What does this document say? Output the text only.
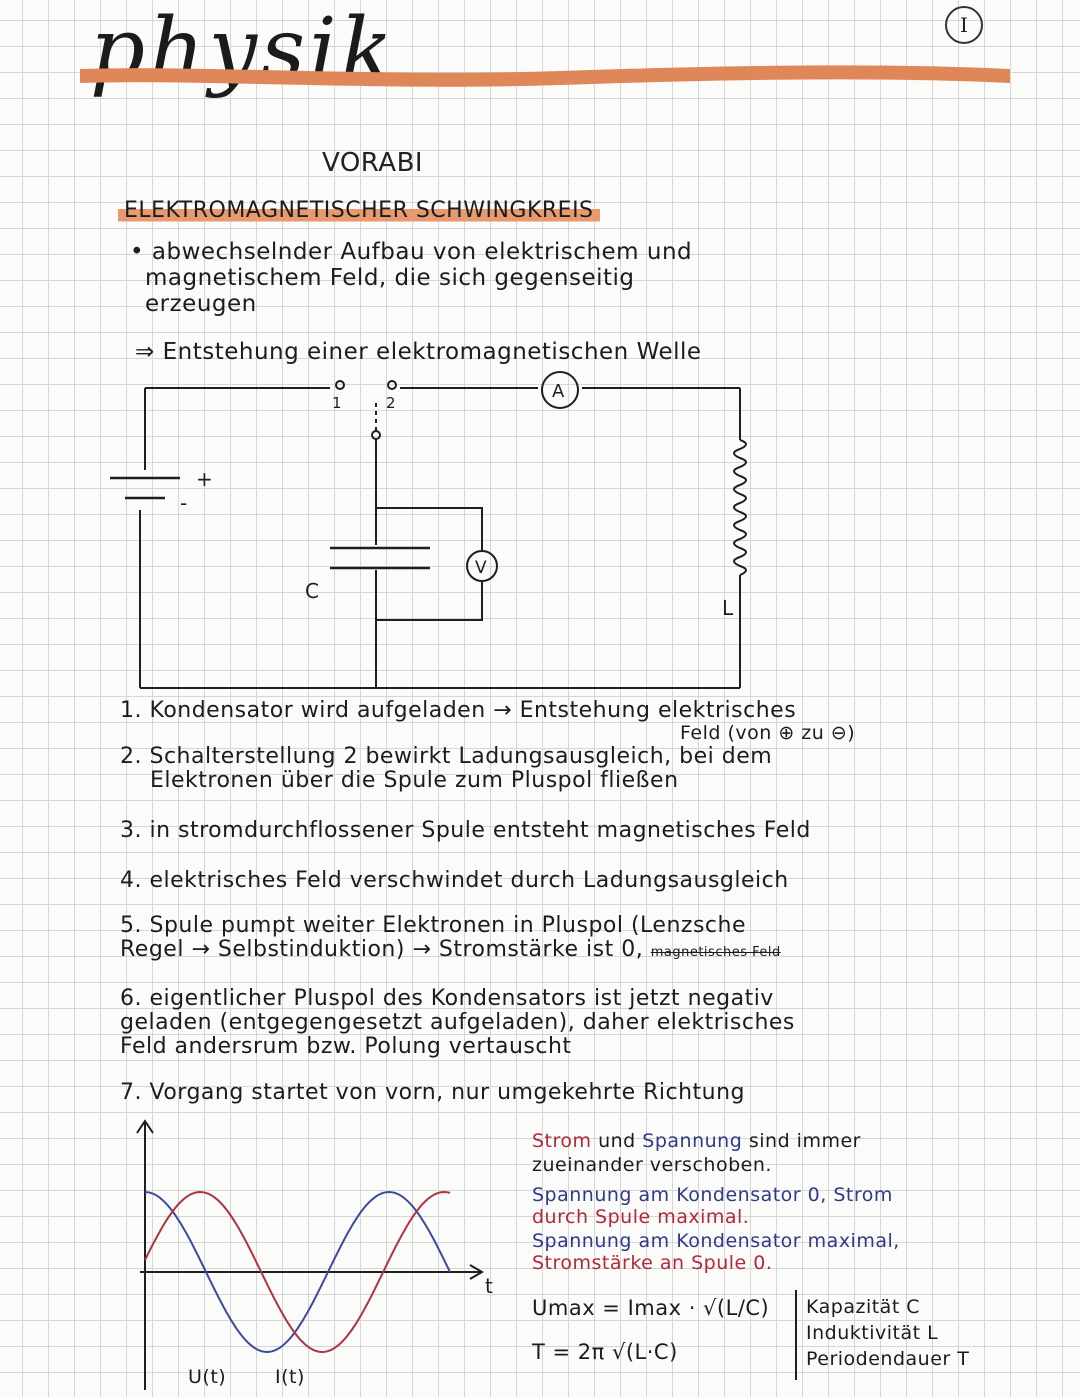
physik	I
VORABI
ELEKTROMAGNETISCHER SCHWINGKREIS
• abwechselnder Aufbau von elektrischem und
magnetischem Feld, die sich gegenseitig
erzeugen
⇒ Entstehung einer elektromagnetischen Welle
1	2
A
V
+
-
C
L
1. Kondensator wird aufgeladen → Entstehung elektrisches
Feld (von ⊕ zu ⊖)
2. Schalterstellung 2 bewirkt Ladungsausgleich, bei dem
Elektronen über die Spule zum Pluspol fließen
3. in stromdurchflossener Spule entsteht magnetisches Feld
4. elektrisches Feld verschwindet durch Ladungsausgleich
5. Spule pumpt weiter Elektronen in Pluspol (Lenzsche
Regel → Selbstinduktion) → Stromstärke ist 0, magnetisches Feld
6. eigentlicher Pluspol des Kondensators ist jetzt negativ
geladen (entgegengesetzt aufgeladen), daher elektrisches
Feld andersrum bzw. Polung vertauscht
7. Vorgang startet von vorn, nur umgekehrte Richtung
t
U(t)	I(t)
Strom und Spannung sind immer
zueinander verschoben.
Spannung am Kondensator 0, Strom
durch Spule maximal.
Spannung am Kondensator maximal,
Stromstärke an Spule 0.
Umax = Imax · √(L/C)
T = 2π √(L·C)
Kapazität C
Induktivität L
Periodendauer T
